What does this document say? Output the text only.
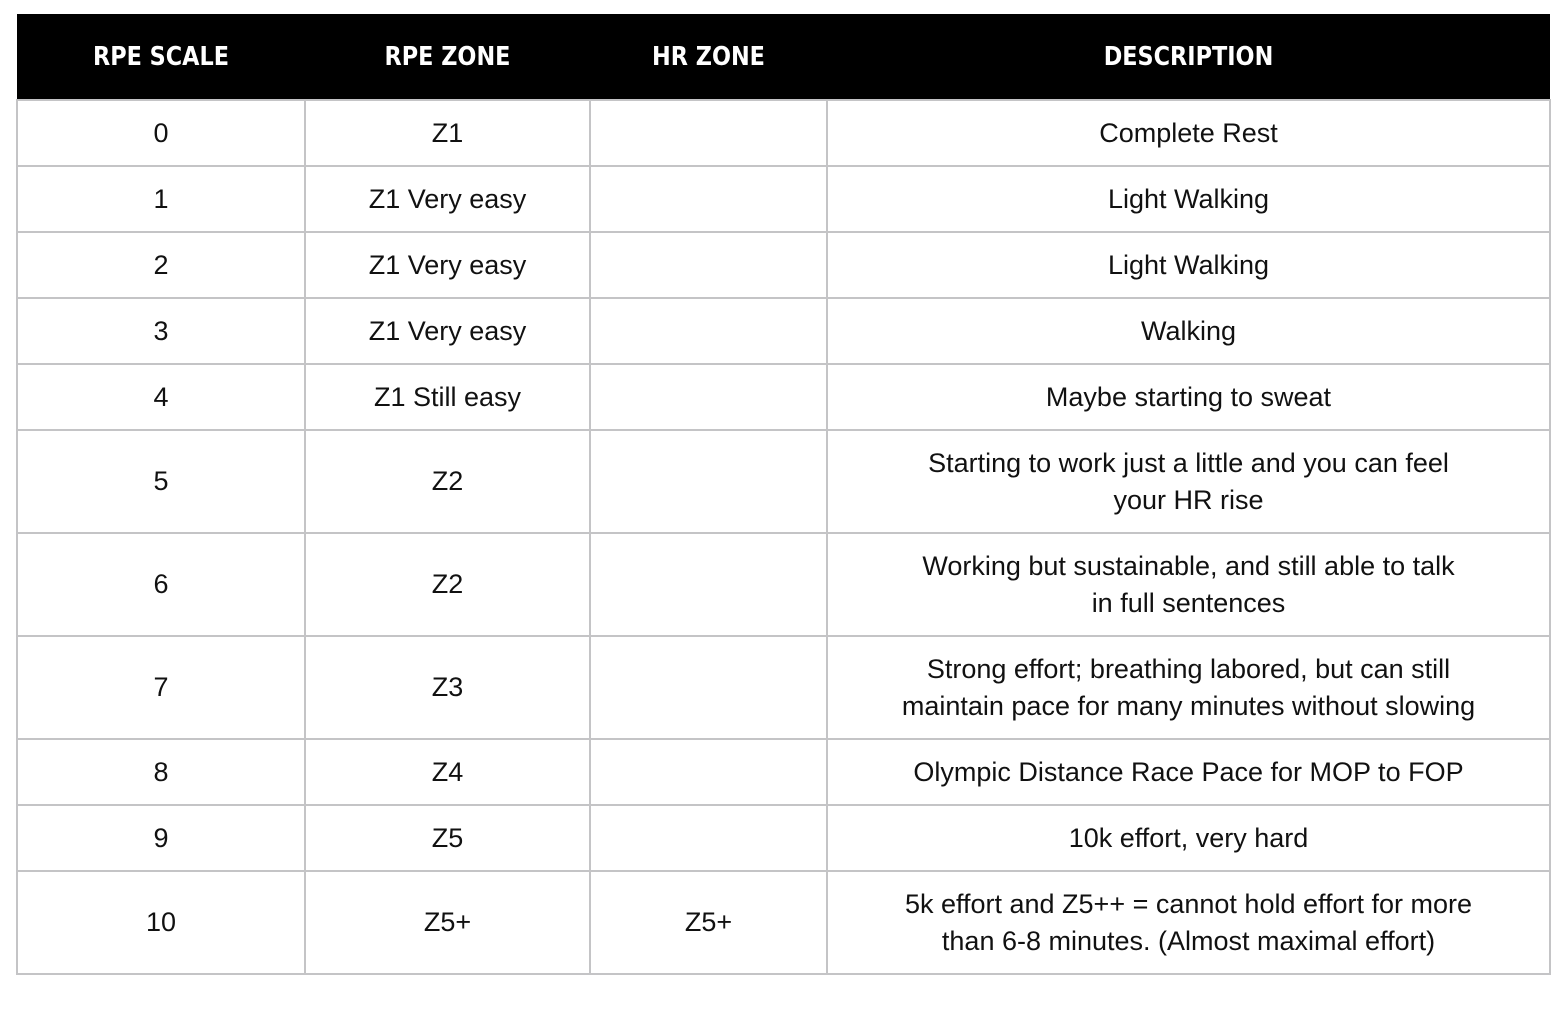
RPE SCALE	RPE ZONE	HR ZONE	DESCRIPTION
0	Z1		Complete Rest
1	Z1 Very easy		Light Walking
2	Z1 Very easy		Light Walking
3	Z1 Very easy		Walking
4	Z1 Still easy		Maybe starting to sweat
5	Z2		Starting to work just a little and you can feel
your HR rise
6	Z2		Working but sustainable, and still able to talk
in full sentences
7	Z3		Strong effort; breathing labored, but can still
maintain pace for many minutes without slowing
8	Z4		Olympic Distance Race Pace for MOP to FOP
9	Z5		10k effort, very hard
10	Z5+	Z5+	5k effort and Z5++ = cannot hold effort for more
than 6-8 minutes. (Almost maximal effort)
